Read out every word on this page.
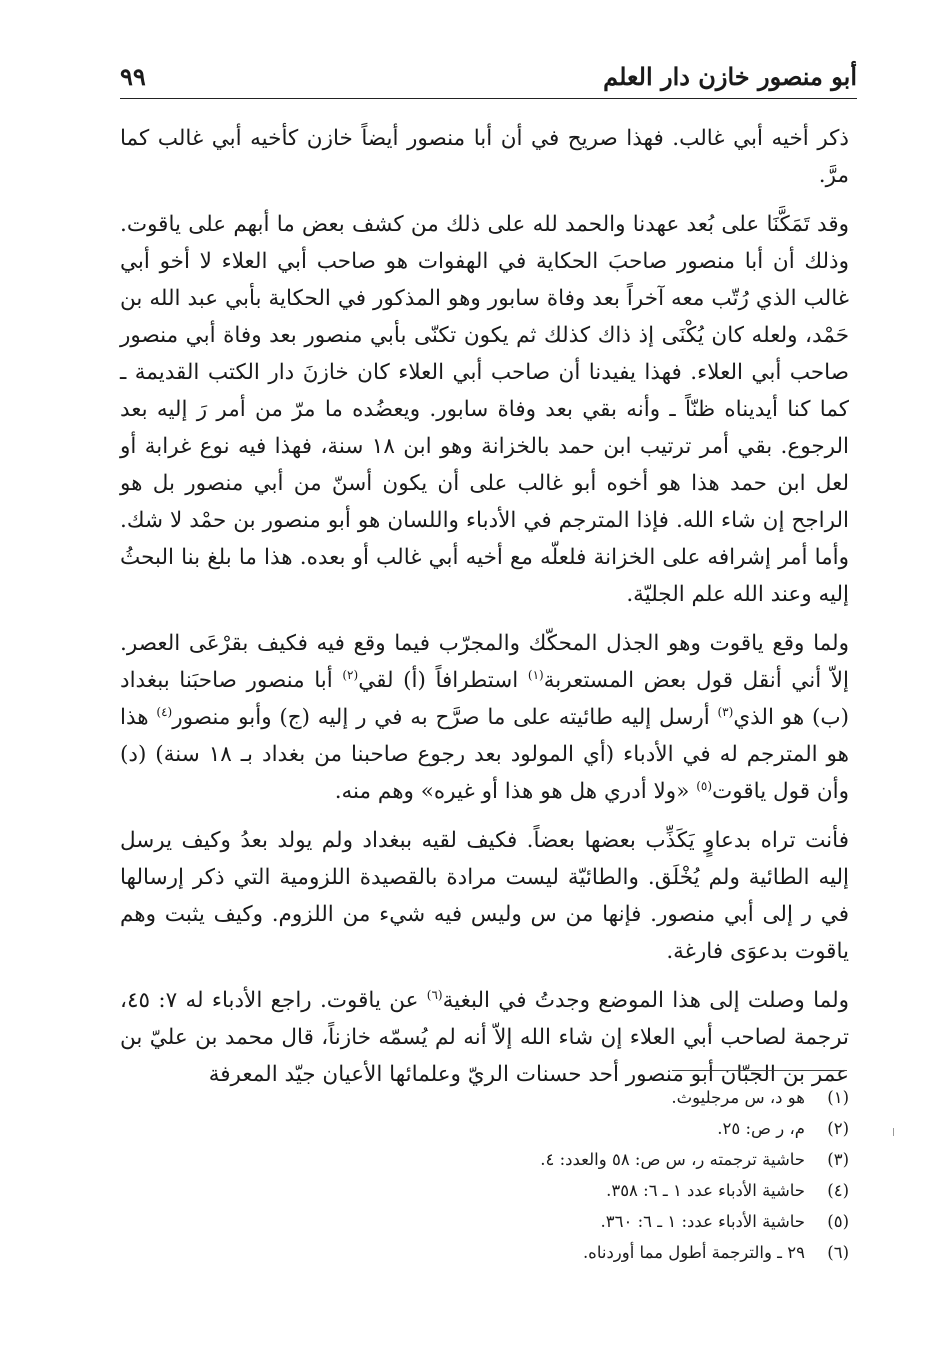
أبو منصور خازن دار العلم
٩٩

ذكر أخيه أبي غالب. فهذا صريح في أن أبا منصور أيضاً خازن كأخيه أبي غالب كما مرَّ.

وقد تَمَكَّنَا على بُعد عهدنا والحمد لله على ذلك من كشف بعض ما أبهم على ياقوت. وذلك أن أبا منصور صاحبَ الحكاية في الهفوات هو صاحب أبي العلاء لا أخو أبي غالب الذي رُتّب معه آخراً بعد وفاة سابور وهو المذكور في الحكاية بأبي عبد الله بن حَمْد، ولعله كان يُكْنَى إذ ذاك كذلك ثم يكون تكنّى بأبي منصور بعد وفاة أبي منصور صاحب أبي العلاء. فهذا يفيدنا أن صاحب أبي العلاء كان خازنَ دار الكتب القديمة ـ كما كنا أيديناه ظنّاً ـ وأنه بقي بعد وفاة سابور. ويعضُده ما مرّ من أمر رَ إليه بعد الرجوع. بقي أمر ترتيب ابن حمد بالخزانة وهو ابن ١٨ سنة، فهذا فيه نوع غرابة أو لعل ابن حمد هذا هو أخوه أبو غالب على أن يكون أسنّ من أبي منصور بل هو الراجح إن شاء الله. فإذا المترجم في الأدباء واللسان هو أبو منصور بن حمْد لا شك. وأما أمر إشرافه على الخزانة فلعلّه مع أخيه أبي غالب أو بعده. هذا ما بلغ بنا البحثُ إليه وعند الله علم الجليّة.

ولما وقع ياقوت وهو الجذل المحكّك والمجرّب فيما وقع فيه فكيف بقرْعَى العصر. إلاّ أني أنقل قول بعض المستعربة$^{(١)}$ استطرافاً (أ) لقي$^{(٢)}$ أبا منصور صاحبَنا ببغداد (ب) هو الذي$^{(٣)}$ أرسل إليه طائيته على ما صرَّح به في ر إليه (ج) وأبو منصور$^{(٤)}$ هذا هو المترجم له في الأدباء (أي المولود بعد رجوع صاحبنا من بغداد بـ ١٨ سنة) (د) وأن قول ياقوت$^{(٥)}$ «ولا أدري هل هو هذا أو غيره» وهم منه.

فأنت تراه بدعاوٍ يَكَذِّب بعضها بعضاً. فكيف لقيه ببغداد ولم يولد بعدُ وكيف يرسل إليه الطائية ولم يُخْلَق. والطائيّة ليست مرادة بالقصيدة اللزومية التي ذكر إرسالها في ر إلى أبي منصور. فإنها من س وليس فيه شيء من اللزوم. وكيف يثبت وهم ياقوت بدعوَى فارغة.

ولما وصلت إلى هذا الموضع وجدتُ في البغية$^{(٦)}$ عن ياقوت. راجع الأدباء له ٧: ٤٥، ترجمة لصاحب أبي العلاء إن شاء الله إلاّ أنه لم يُسمّه خازناً، قال محمد بن عليّ بن عمر بن الجبّان أبو منصور أحد حسنات الريّ وعلمائها الأعيان جيّد المعرفة

(١)هو د، س مرجليوث.
(٢)م، ر ص: ٢٥.
(٣)حاشية ترجمته ر، س ص: ٥٨ والعدد: ٤.
(٤)حاشية الأدباء عدد ١ ـ ٦: ٣٥٨.
(٥)حاشية الأدباء عدد: ١ ـ ٦: ٣٦٠.
(٦)٢٩ ـ والترجمة أطول مما أوردناه.
